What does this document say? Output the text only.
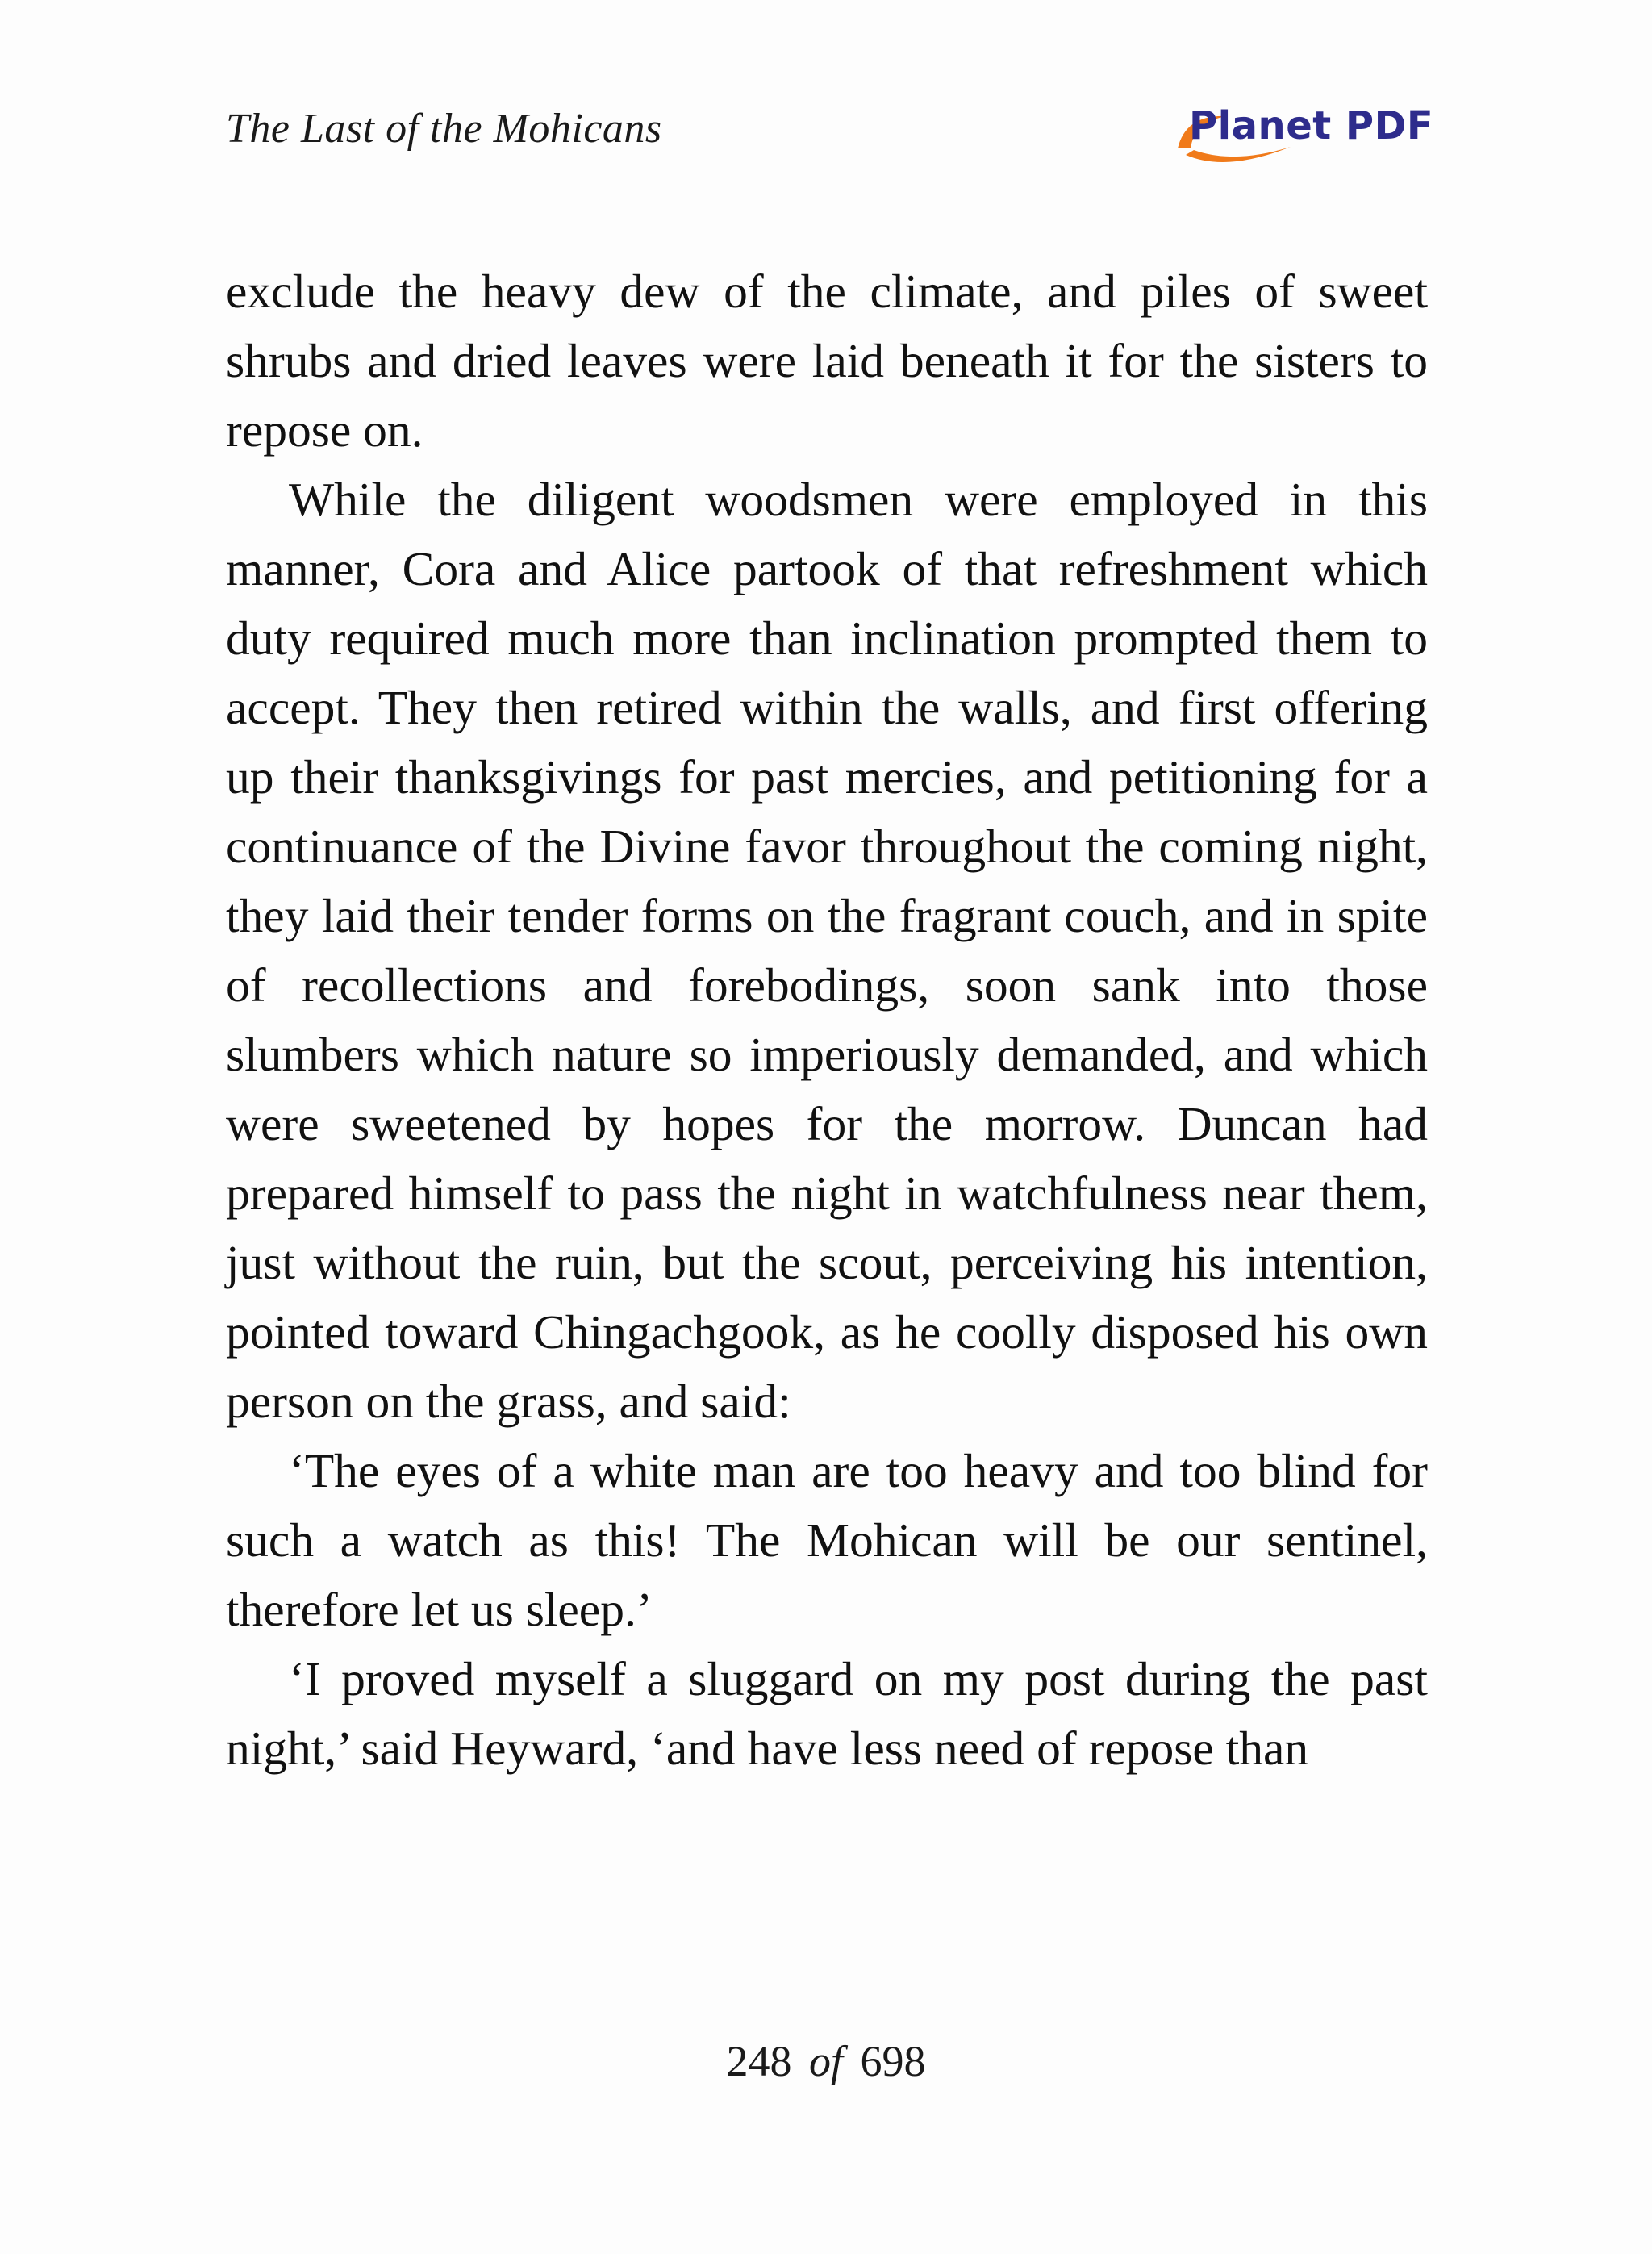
The Last of the Mohicans	Planet PDF

exclude the heavy dew of the climate, and piles of sweet shrubs and dried leaves were laid beneath it for the sisters to repose on.

While the diligent woodsmen were employed in this manner, Cora and Alice partook of that refreshment which duty required much more than inclination prompted them to accept. They then retired within the walls, and first offering up their thanksgivings for past mercies, and petitioning for a continuance of the Divine favor throughout the coming night, they laid their tender forms on the fragrant couch, and in spite of recollections and forebodings, soon sank into those slumbers which nature so imperiously demanded, and which were sweetened by hopes for the morrow. Duncan had prepared himself to pass the night in watchfulness near them, just without the ruin, but the scout, perceiving his intention, pointed toward Chingachgook, as he coolly disposed his own person on the grass, and said:

‘The eyes of a white man are too heavy and too blind for such a watch as this! The Mohican will be our sentinel, therefore let us sleep.’

‘I proved myself a sluggard on my post during the past night,’ said Heyward, ‘and have less need of repose than

248 of 698
